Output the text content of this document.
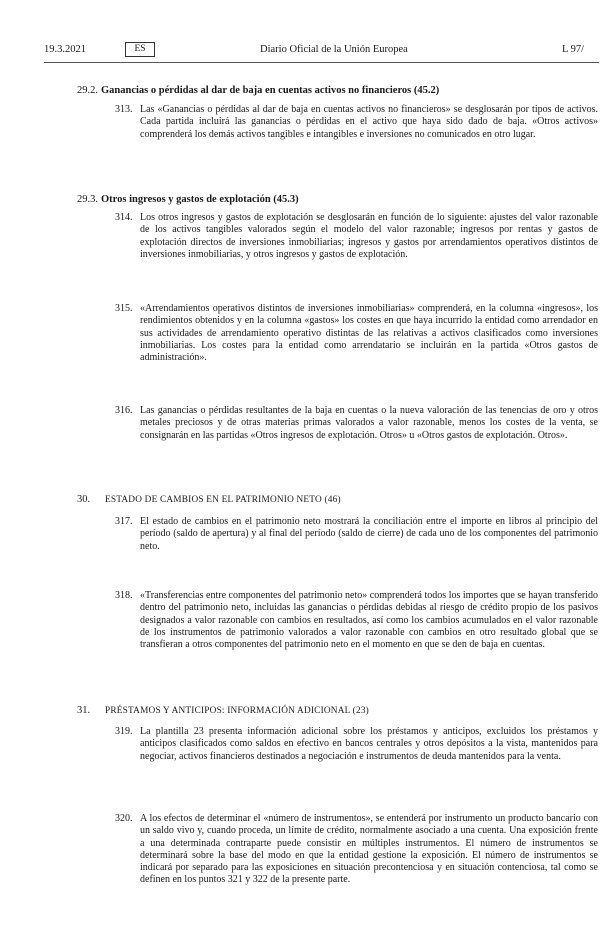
19.3.2021	ES	Diario Oficial de la Unión Europea	L 97/
29.2. Ganancias o pérdidas al dar de baja en cuentas activos no financieros (45.2)
313. Las «Ganancias o pérdidas al dar de baja en cuentas activos no financieros» se desglosarán por tipos de activos. Cada partida incluirá las ganancias o pérdidas en el activo que haya sido dado de baja. «Otros activos» comprenderá los demás activos tangibles e intangibles e inversiones no comunicados en otro lugar.
29.3. Otros ingresos y gastos de explotación (45.3)
314. Los otros ingresos y gastos de explotación se desglosarán en función de lo siguiente: ajustes del valor razonable de los activos tangibles valorados según el modelo del valor razonable; ingresos por rentas y gastos de explotación directos de inversiones inmobiliarias; ingresos y gastos por arrendamientos operativos distintos de inversiones inmobiliarias, y otros ingresos y gastos de explotación.
315. «Arrendamientos operativos distintos de inversiones inmobiliarias» comprenderá, en la columna «ingresos», los rendimientos obtenidos y en la columna «gastos» los costes en que haya incurrido la entidad como arrendador en sus actividades de arrendamiento operativo distintas de las relativas a activos clasificados como inversiones inmobiliarias. Los costes para la entidad como arrendatario se incluirán en la partida «Otros gastos de administración».
316. Las ganancias o pérdidas resultantes de la baja en cuentas o la nueva valoración de las tenencias de oro y otros metales preciosos y de otras materias primas valorados a valor razonable, menos los costes de la venta, se consignarán en las partidas «Otros ingresos de explotación. Otros» u «Otros gastos de explotación. Otros».
30. ESTADO DE CAMBIOS EN EL PATRIMONIO NETO (46)
317. El estado de cambios en el patrimonio neto mostrará la conciliación entre el importe en libros al principio del período (saldo de apertura) y al final del período (saldo de cierre) de cada uno de los componentes del patrimonio neto.
318. «Transferencias entre componentes del patrimonio neto» comprenderá todos los importes que se hayan transferido dentro del patrimonio neto, incluidas las ganancias o pérdidas debidas al riesgo de crédito propio de los pasivos designados a valor razonable con cambios en resultados, así como los cambios acumulados en el valor razonable de los instrumentos de patrimonio valorados a valor razonable con cambios en otro resultado global que se transfieran a otros componentes del patrimonio neto en el momento en que se den de baja en cuentas.
31. PRÉSTAMOS Y ANTICIPOS: INFORMACIÓN ADICIONAL (23)
319. La plantilla 23 presenta información adicional sobre los préstamos y anticipos, excluidos los préstamos y anticipos clasificados como saldos en efectivo en bancos centrales y otros depósitos a la vista, mantenidos para negociar, activos financieros destinados a negociación e instrumentos de deuda mantenidos para la venta.
320. A los efectos de determinar el «número de instrumentos», se entenderá por instrumento un producto bancario con un saldo vivo y, cuando proceda, un límite de crédito, normalmente asociado a una cuenta. Una exposición frente a una determinada contraparte puede consistir en múltiples instrumentos. El número de instrumentos se determinará sobre la base del modo en que la entidad gestione la exposición. El número de instrumentos se indicará por separado para las exposiciones en situación precontenciosa y en situación contenciosa, tal como se definen en los puntos 321 y 322 de la presente parte.
